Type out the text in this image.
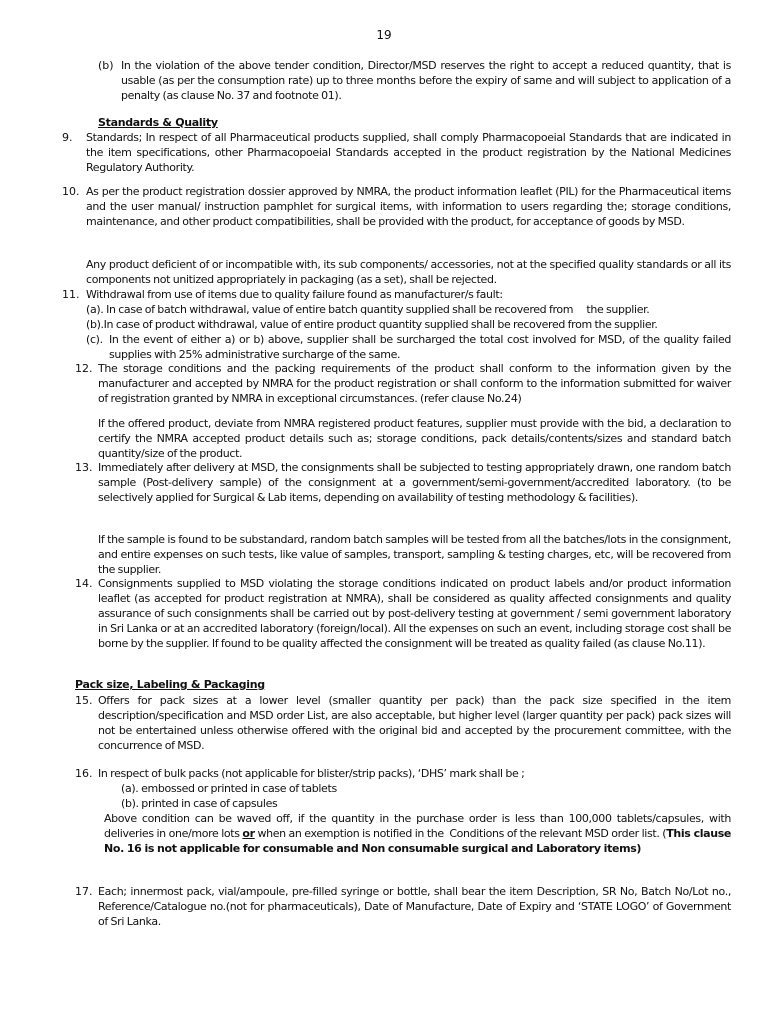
19
(b) In the violation of the above tender condition, Director/MSD reserves the right to accept a reduced quantity, that is usable (as per the consumption rate) up to three months before the expiry of same and will subject to application of a penalty (as clause No. 37 and footnote 01).
Standards & Quality
9. Standards; In respect of all Pharmaceutical products supplied, shall comply Pharmacopoeial Standards that are indicated in the item specifications, other Pharmacopoeial Standards accepted in the product registration by the National Medicines Regulatory Authority.
10. As per the product registration dossier approved by NMRA, the product information leaflet (PIL) for the Pharmaceutical items and the user manual/ instruction pamphlet for surgical items, with information to users regarding the; storage conditions, maintenance, and other product compatibilities, shall be provided with the product, for acceptance of goods by MSD.
Any product deficient of or incompatible with, its sub components/ accessories, not at the specified quality standards or all its components not unitized appropriately in packaging (as a set), shall be rejected.
11. Withdrawal from use of items due to quality failure found as manufacturer/s fault:
(a). In case of batch withdrawal, value of entire batch quantity supplied shall be recovered from     the supplier.
(b).In case of product withdrawal, value of entire product quantity supplied shall be recovered from the supplier.
(c). In the event of either a) or b) above, supplier shall be surcharged the total cost involved for MSD, of the quality failed supplies with 25% administrative surcharge of the same.
12. The storage conditions and the packing requirements of the product shall conform to the information given by the manufacturer and accepted by NMRA for the product registration or shall conform to the information submitted for waiver of registration granted by NMRA in exceptional circumstances. (refer clause No.24)
If the offered product, deviate from NMRA registered product features, supplier must provide with the bid, a declaration to certify the NMRA accepted product details such as; storage conditions, pack details/contents/sizes and standard batch quantity/size of the product.
13. Immediately after delivery at MSD, the consignments shall be subjected to testing appropriately drawn, one random batch sample (Post-delivery sample) of the consignment at a government/semi-government/accredited laboratory. (to be selectively applied for Surgical & Lab items, depending on availability of testing methodology & facilities).
If the sample is found to be substandard, random batch samples will be tested from all the batches/lots in the consignment, and entire expenses on such tests, like value of samples, transport, sampling & testing charges, etc, will be recovered from the supplier.
14. Consignments supplied to MSD violating the storage conditions indicated on product labels and/or product information leaflet (as accepted for product registration at NMRA), shall be considered as quality affected consignments and quality assurance of such consignments shall be carried out by post-delivery testing at government / semi government laboratory in Sri Lanka or at an accredited laboratory (foreign/local). All the expenses on such an event, including storage cost shall be borne by the supplier. If found to be quality affected the consignment will be treated as quality failed (as clause No.11).
Pack size, Labeling & Packaging
15. Offers for pack sizes at a lower level (smaller quantity per pack) than the pack size specified in the item description/specification and MSD order List, are also acceptable, but higher level (larger quantity per pack) pack sizes will not be entertained unless otherwise offered with the original bid and accepted by the procurement committee, with the concurrence of MSD.
16. In respect of bulk packs (not applicable for blister/strip packs), ‘DHS’ mark shall be ;
(a). embossed or printed in case of tablets
(b). printed in case of capsules
Above condition can be waved off, if the quantity in the purchase order is less than 100,000 tablets/capsules, with deliveries in one/more lots or when an exemption is notified in the  Conditions of the relevant MSD order list. (This clause No. 16 is not applicable for consumable and Non consumable surgical and Laboratory items)
17. Each; innermost pack, vial/ampoule, pre-filled syringe or bottle, shall bear the item Description, SR No, Batch No/Lot no., Reference/Catalogue no.(not for pharmaceuticals), Date of Manufacture, Date of Expiry and ‘STATE LOGO’ of Government of Sri Lanka.
